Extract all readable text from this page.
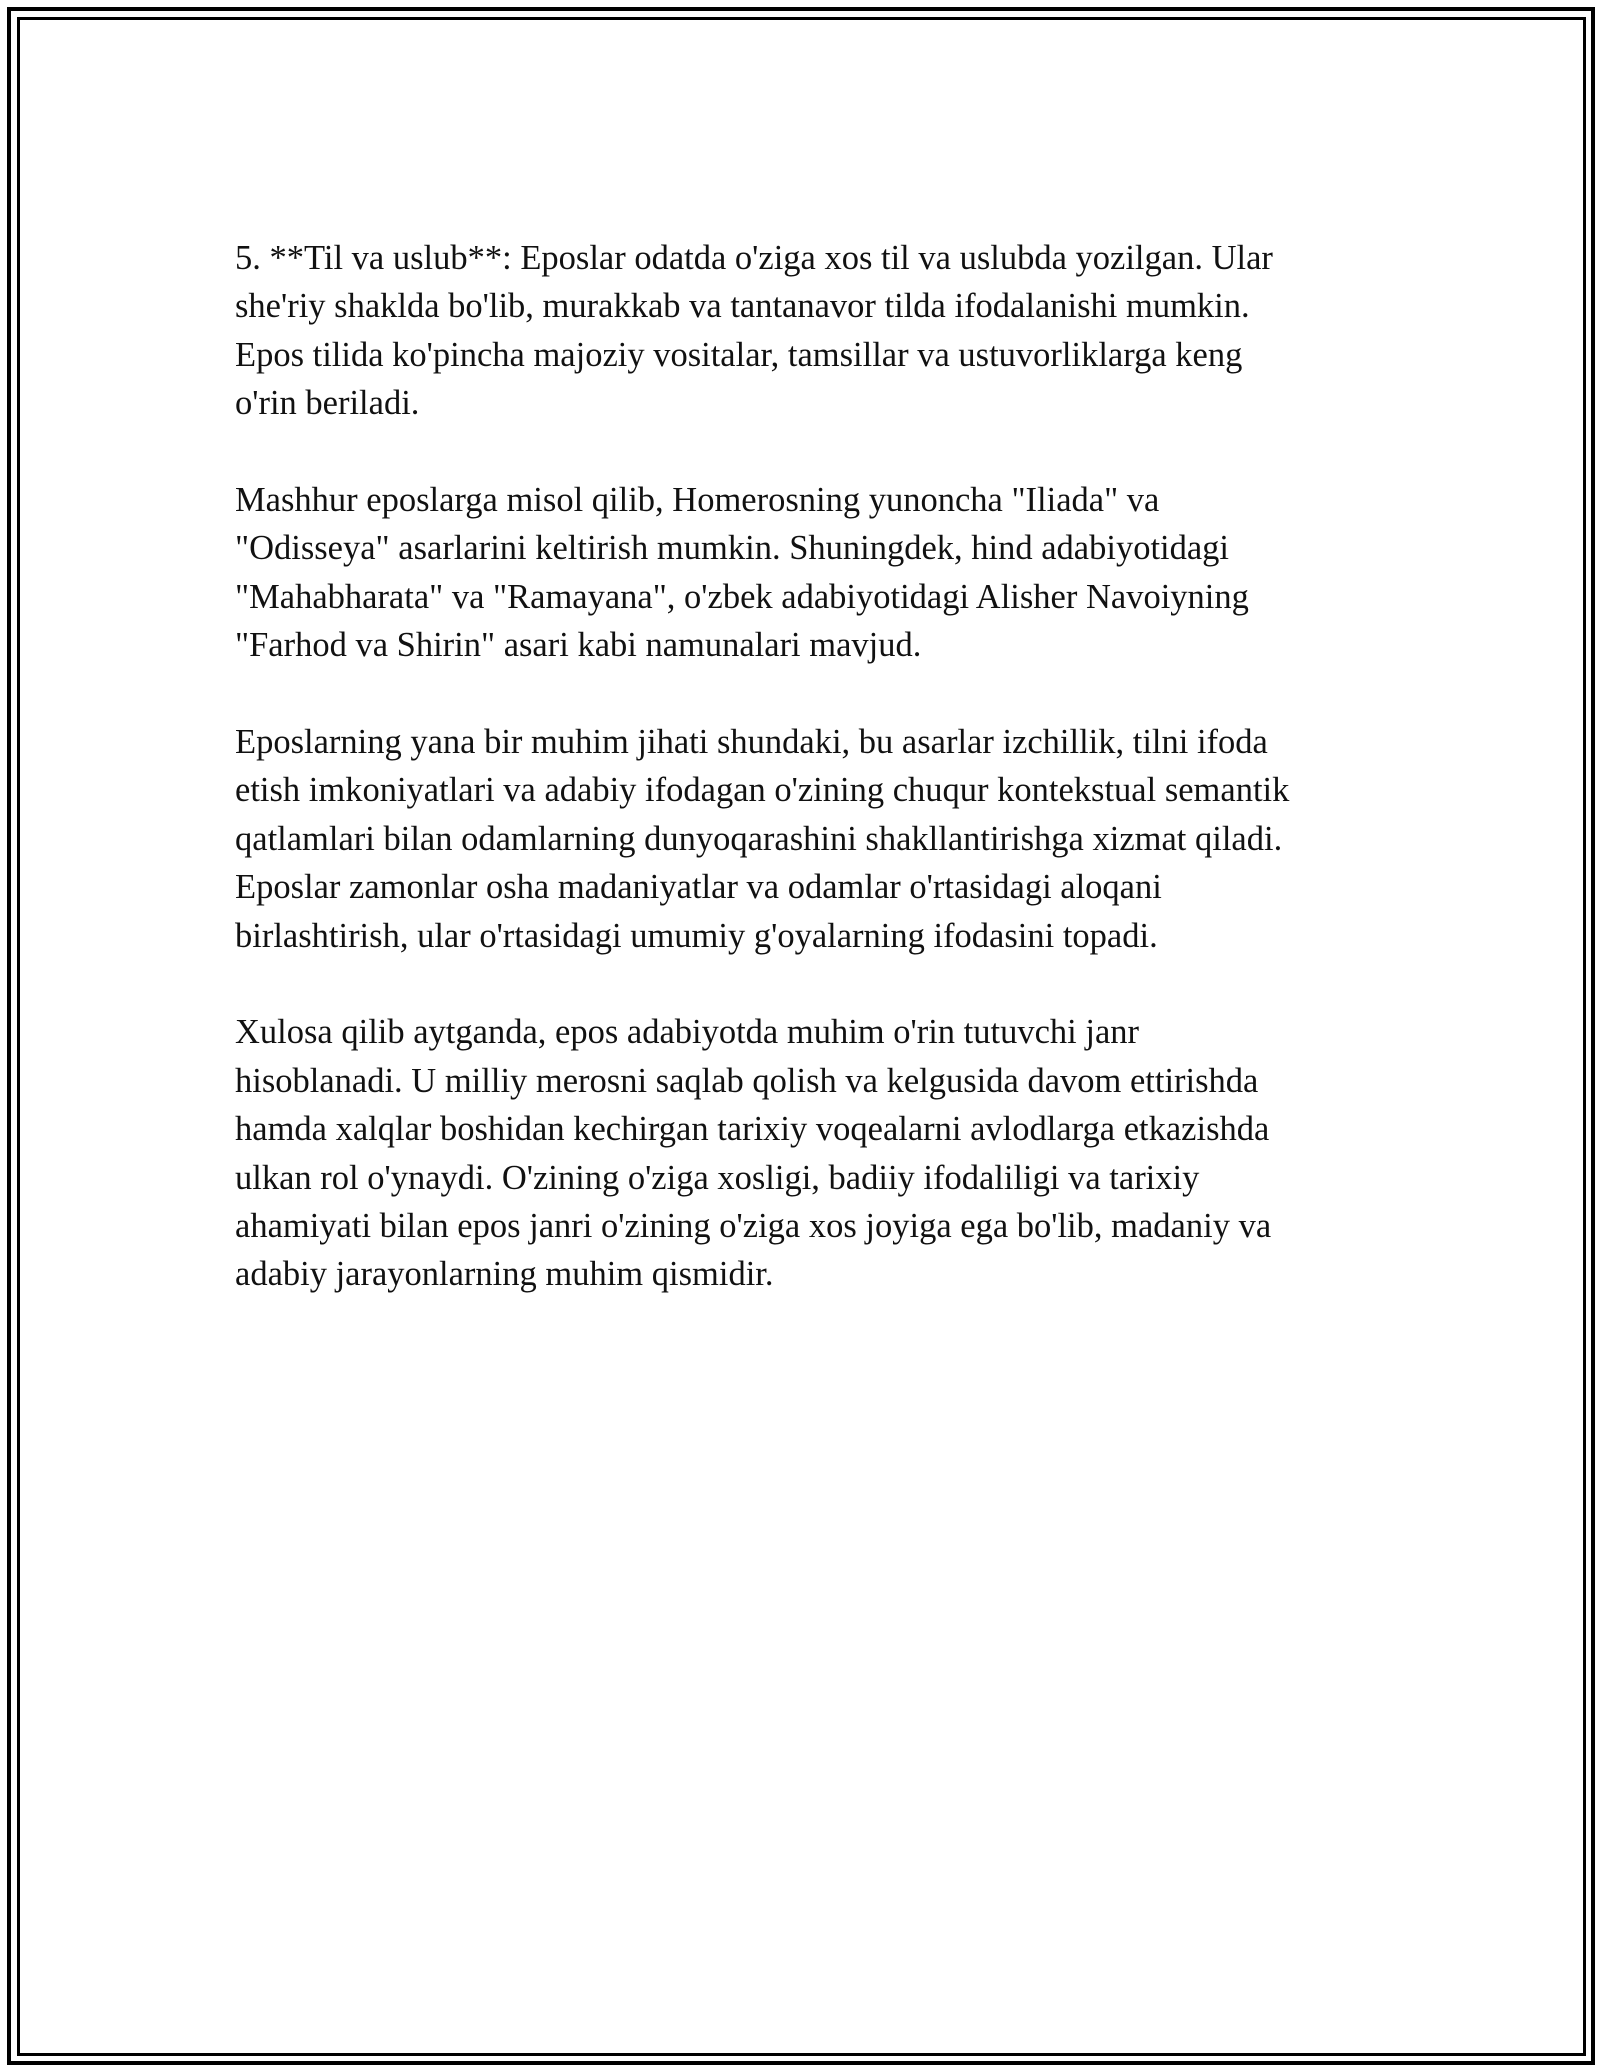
5. **Til va uslub**: Eposlar odatda o'ziga xos til va uslubda yozilgan. Ular
she'riy shaklda bo'lib, murakkab va tantanavor tilda ifodalanishi mumkin.
Epos tilida ko'pincha majoziy vositalar, tamsillar va ustuvorliklarga keng
o'rin beriladi.

Mashhur eposlarga misol qilib, Homerosning yunoncha "Iliada" va
"Odisseya" asarlarini keltirish mumkin. Shuningdek, hind adabiyotidagi
"Mahabharata" va "Ramayana", o'zbek adabiyotidagi Alisher Navoiyning
"Farhod va Shirin" asari kabi namunalari mavjud.

Eposlarning yana bir muhim jihati shundaki, bu asarlar izchillik, tilni ifoda
etish imkoniyatlari va adabiy ifodagan o'zining chuqur kontekstual semantik
qatlamlari bilan odamlarning dunyoqarashini shakllantirishga xizmat qiladi.
Eposlar zamonlar osha madaniyatlar va odamlar o'rtasidagi aloqani
birlashtirish, ular o'rtasidagi umumiy g'oyalarning ifodasini topadi.

Xulosa qilib aytganda, epos adabiyotda muhim o'rin tutuvchi janr
hisoblanadi. U milliy merosni saqlab qolish va kelgusida davom ettirishda
hamda xalqlar boshidan kechirgan tarixiy voqealarni avlodlarga etkazishda
ulkan rol o'ynaydi. O'zining o'ziga xosligi, badiiy ifodaliligi va tarixiy
ahamiyati bilan epos janri o'zining o'ziga xos joyiga ega bo'lib, madaniy va
adabiy jarayonlarning muhim qismidir.
